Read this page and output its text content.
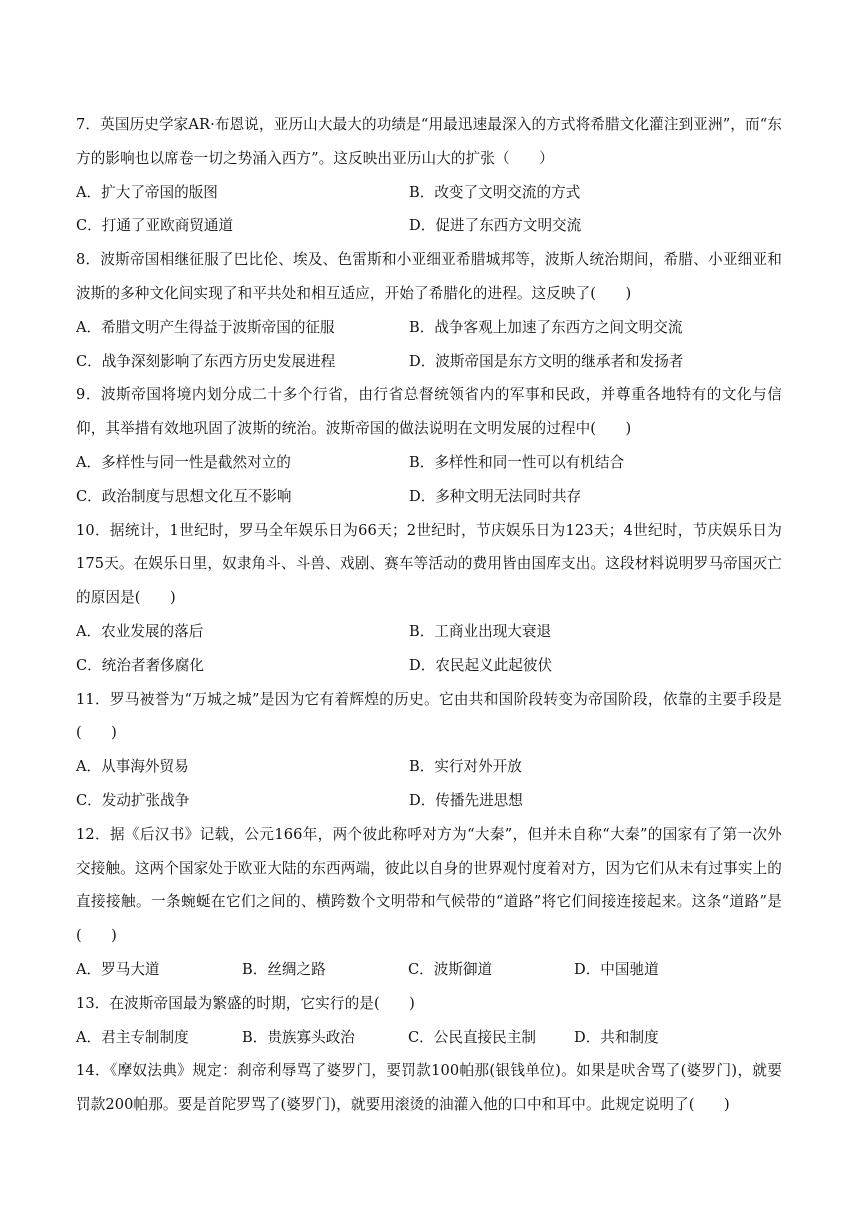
7．英国历史学家AR·布恩说，亚历山大最大的功绩是“用最迅速最深入的方式将希腊文化灌注到亚洲”，而“东方的影响也以席卷一切之势涌入西方”。这反映出亚历山大的扩张（　　）

A．扩大了帝国的版图	B．改变了文明交流的方式
C．打通了亚欧商贸通道	D．促进了东西方文明交流

8．波斯帝国相继征服了巴比伦、埃及、色雷斯和小亚细亚希腊城邦等，波斯人统治期间，希腊、小亚细亚和波斯的多种文化间实现了和平共处和相互适应，开始了希腊化的进程。这反映了(　　)

A．希腊文明产生得益于波斯帝国的征服	B．战争客观上加速了东西方之间文明交流
C．战争深刻影响了东西方历史发展进程	D．波斯帝国是东方文明的继承者和发扬者

9．波斯帝国将境内划分成二十多个行省，由行省总督统领省内的军事和民政，并尊重各地特有的文化与信仰，其举措有效地巩固了波斯的统治。波斯帝国的做法说明在文明发展的过程中(　　)

A．多样性与同一性是截然对立的	B．多样性和同一性可以有机结合
C．政治制度与思想文化互不影响	D．多种文明无法同时共存

10．据统计，1世纪时，罗马全年娱乐日为66天；2世纪时，节庆娱乐日为123天；4世纪时，节庆娱乐日为175天。在娱乐日里，奴隶角斗、斗兽、戏剧、赛车等活动的费用皆由国库支出。这段材料说明罗马帝国灭亡的原因是(　　)

A．农业发展的落后	B．工商业出现大衰退
C．统治者奢侈腐化	D．农民起义此起彼伏

11．罗马被誉为“万城之城”是因为它有着辉煌的历史。它由共和国阶段转变为帝国阶段，依靠的主要手段是(　　)

A．从事海外贸易	B．实行对外开放
C．发动扩张战争	D．传播先进思想

12．据《后汉书》记载，公元166年，两个彼此称呼对方为“大秦”，但并未自称“大秦”的国家有了第一次外交接触。这两个国家处于欧亚大陆的东西两端，彼此以自身的世界观忖度着对方，因为它们从未有过事实上的直接接触。一条蜿蜒在它们之间的、横跨数个文明带和气候带的“道路”将它们间接连接起来。这条“道路”是(　　)

A．罗马大道	B．丝绸之路	C．波斯御道	D．中国驰道

13．在波斯帝国最为繁盛的时期，它实行的是(　　)

A．君主专制制度	B．贵族寡头政治	C．公民直接民主制	D．共和制度

14．《摩奴法典》规定：刹帝利辱骂了婆罗门，要罚款100帕那(银钱单位)。如果是吠舍骂了(婆罗门)，就要罚款200帕那。要是首陀罗骂了(婆罗门)，就要用滚烫的油灌入他的口中和耳中。此规定说明了(　　)
